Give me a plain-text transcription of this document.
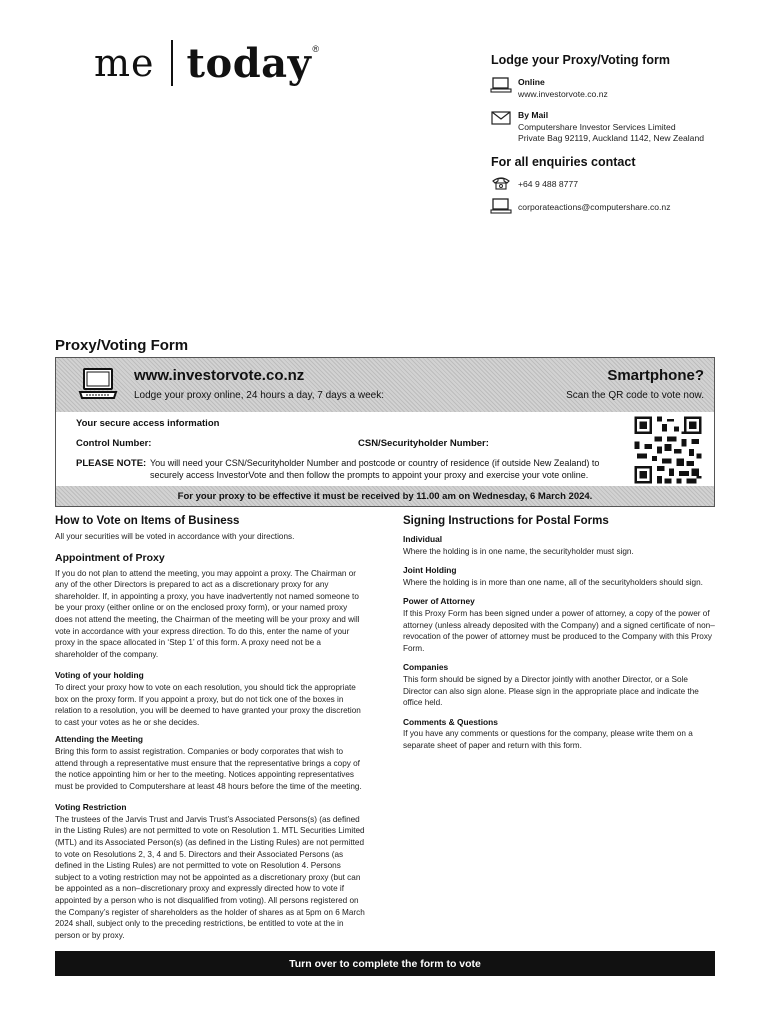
me today ®
Lodge your Proxy/Voting form
Online
www.investorvote.co.nz
By Mail
Computershare Investor Services Limited
Private Bag 92119, Auckland 1142, New Zealand
For all enquiries contact
+64 9 488 8777
corporateactions@computershare.co.nz
Proxy/Voting Form
www.investorvote.co.nz
Lodge your proxy online, 24 hours a day, 7 days a week:
Smartphone?
Scan the QR code to vote now.
Your secure access information
Control Number:	CSN/Securityholder Number:
PLEASE NOTE: You will need your CSN/Securityholder Number and postcode or country of residence (if outside New Zealand) to securely access InvestorVote and then follow the prompts to appoint your proxy and exercise your vote online.
For your proxy to be effective it must be received by 11.00 am on Wednesday, 6 March 2024.
How to Vote on Items of Business
All your securities will be voted in accordance with your directions.
Appointment of Proxy
If you do not plan to attend the meeting, you may appoint a proxy. The Chairman or any of the other Directors is prepared to act as a discretionary proxy for any shareholder. If, in appointing a proxy, you have inadvertently not named someone to be your proxy (either online or on the enclosed proxy form), or your named proxy does not attend the meeting, the Chairman of the meeting will be your proxy and will vote in accordance with your express direction. To do this, enter the name of your proxy in the space allocated in ‘Step 1’ of this form. A proxy need not be a shareholder of the company.
Voting of your holding
To direct your proxy how to vote on each resolution, you should tick the appropriate box on the proxy form. If you appoint a proxy, but do not tick one of the boxes in relation to a resolution, you will be deemed to have granted your proxy the discretion to cast your votes as he or she decides.
Attending the Meeting
Bring this form to assist registration. Companies or body corporates that wish to attend through a representative must ensure that the representative brings a copy of the notice appointing him or her to the meeting. Notices appointing representatives must be provided to Computershare at least 48 hours before the time of the meeting.
Voting Restriction
The trustees of the Jarvis Trust and Jarvis Trust’s Associated Persons(s) (as defined in the Listing Rules) are not permitted to vote on Resolution 1. MTL Securities Limited (MTL) and its Associated Person(s) (as defined in the Listing Rules) are not permitted to vote on Resolutions 2, 3, 4 and 5. Directors and their Associated Persons (as defined in the Listing Rules) are not permitted to vote on Resolution 4. Persons subject to a voting restriction may not be appointed as a discretionary proxy (but can be appointed as a non–discretionary proxy and expressly directed how to vote if appointed by a person who is not disqualified from voting). All persons registered on the Company’s register of shareholders as the holder of shares as at 5pm on 6 March 2024 shall, subject only to the preceding restrictions, be entitled to vote at the in person or by proxy.
Signing Instructions for Postal Forms
Individual
Where the holding is in one name, the securityholder must sign.
Joint Holding
Where the holding is in more than one name, all of the securityholders should sign.
Power of Attorney
If this Proxy Form has been signed under a power of attorney, a copy of the power of attorney (unless already deposited with the Company) and a signed certificate of non–revocation of the power of attorney must be produced to the Company with this Proxy Form.
Companies
This form should be signed by a Director jointly with another Director, or a Sole Director can also sign alone. Please sign in the appropriate place and indicate the office held.
Comments & Questions
If you have any comments or questions for the company, please write them on a separate sheet of paper and return with this form.
Turn over to complete the form to vote
